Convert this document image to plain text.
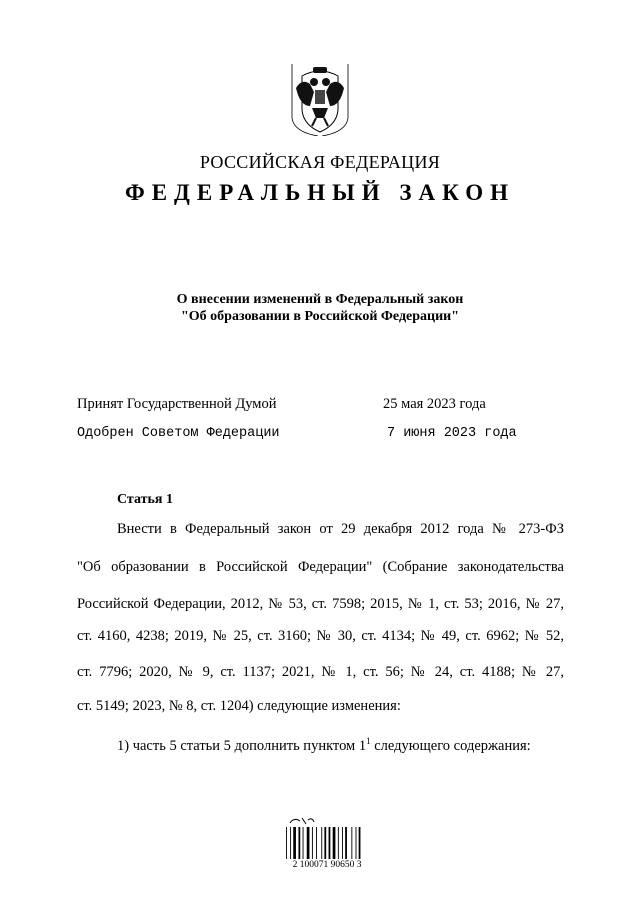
РОССИЙСКАЯ ФЕДЕРАЦИЯ
ФЕДЕРАЛЬНЫЙ ЗАКОН
О внесении изменений в Федеральный закон
"Об образовании в Российской Федерации"
Принят Государственной Думой	25 мая 2023 года
Одобрен Советом Федерации	7 июня 2023 года
Статья 1
Внести в Федеральный закон от 29 декабря 2012 года № 273-ФЗ
"Об образовании в Российской Федерации" (Собрание законодательства
Российской Федерации, 2012, № 53, ст. 7598; 2015, № 1, ст. 53; 2016, № 27,
ст. 4160, 4238; 2019, № 25, ст. 3160; № 30, ст. 4134; № 49, ст. 6962; № 52,
ст. 7796; 2020, № 9, ст. 1137; 2021, № 1, ст. 56; № 24, ст. 4188; № 27,
ст. 5149; 2023, № 8, ст. 1204) следующие изменения:
1) часть 5 статьи 5 дополнить пунктом $1^1$ следующего содержания:
2 100071 90650 3
